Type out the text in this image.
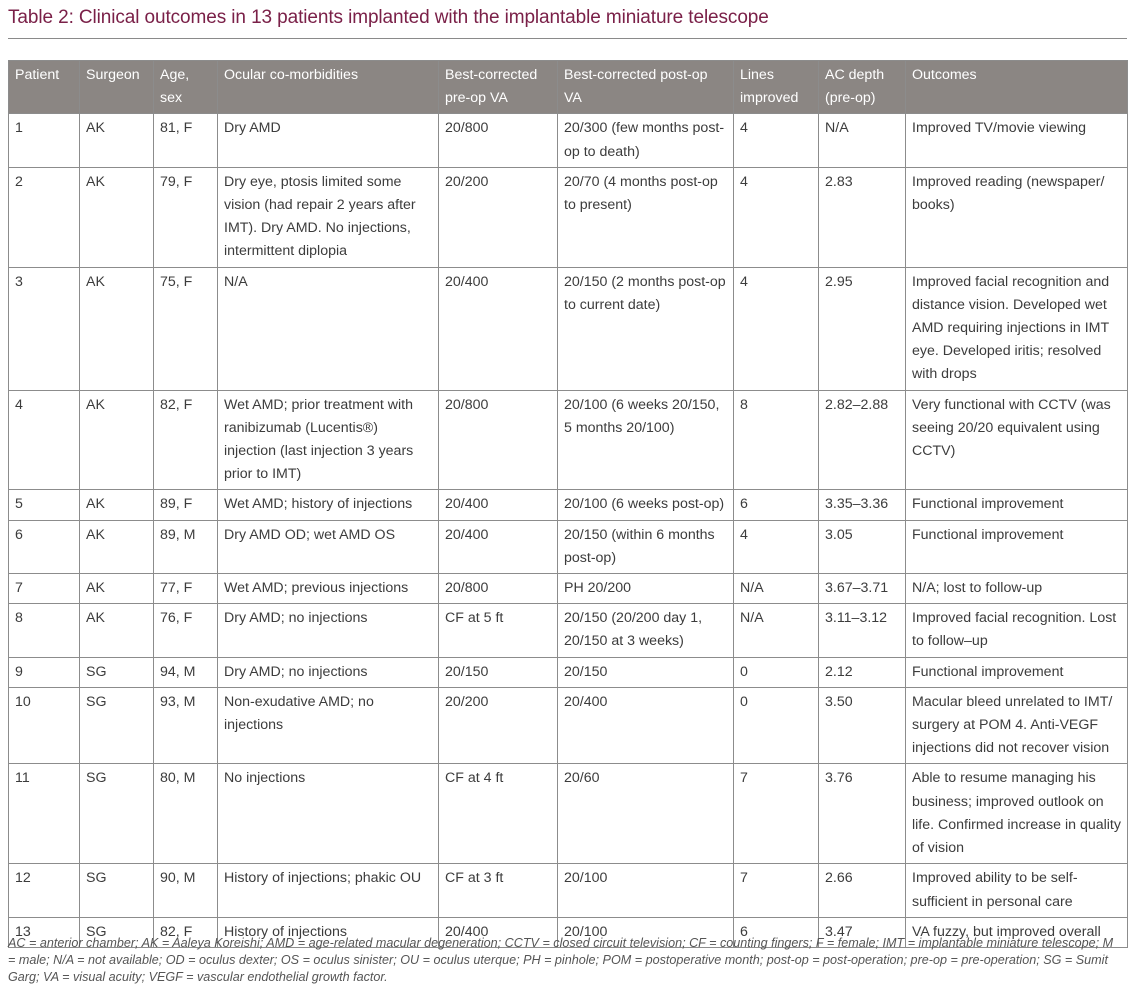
Table 2: Clinical outcomes in 13 patients implanted with the implantable miniature telescope
Patient	Surgeon	Age, sex	Ocular co-morbidities	Best-corrected pre-op VA	Best-corrected post-op VA	Lines improved	AC depth (pre-op)	Outcomes
1	AK	81, F	Dry AMD	20/800	20/300 (few months post-op to death)	4	N/A	Improved TV/movie viewing
2	AK	79, F	Dry eye, ptosis limited some vision (had repair 2 years after IMT). Dry AMD. No injections, intermittent diplopia	20/200	20/70 (4 months post-op to present)	4	2.83	Improved reading (newspaper/ books)
3	AK	75, F	N/A	20/400	20/150 (2 months post-op to current date)	4	2.95	Improved facial recognition and distance vision. Developed wet AMD requiring injections in IMT eye. Developed iritis; resolved with drops
4	AK	82, F	Wet AMD; prior treatment with ranibizumab (Lucentis®) injection (last injection 3 years prior to IMT)	20/800	20/100 (6 weeks 20/150, 5 months 20/100)	8	2.82–2.88	Very functional with CCTV (was seeing 20/20 equivalent using CCTV)
5	AK	89, F	Wet AMD; history of injections	20/400	20/100 (6 weeks post-op)	6	3.35–3.36	Functional improvement
6	AK	89, M	Dry AMD OD; wet AMD OS	20/400	20/150 (within 6 months post-op)	4	3.05	Functional improvement
7	AK	77, F	Wet AMD; previous injections	20/800	PH 20/200	N/A	3.67–3.71	N/A; lost to follow-up
8	AK	76, F	Dry AMD; no injections	CF at 5 ft	20/150 (20/200 day 1, 20/150 at 3 weeks)	N/A	3.11–3.12	Improved facial recognition. Lost to follow–up
9	SG	94, M	Dry AMD; no injections	20/150	20/150	0	2.12	Functional improvement
10	SG	93, M	Non-exudative AMD; no injections	20/200	20/400	0	3.50	Macular bleed unrelated to IMT/ surgery at POM 4. Anti-VEGF injections did not recover vision
11	SG	80, M	No injections	CF at 4 ft	20/60	7	3.76	Able to resume managing his business; improved outlook on life. Confirmed increase in quality of vision
12	SG	90, M	History of injections; phakic OU	CF at 3 ft	20/100	7	2.66	Improved ability to be self-sufficient in personal care
13	SG	82, F	History of injections	20/400	20/100	6	3.47	VA fuzzy, but improved overall
AC = anterior chamber; AK = Aaleya Koreishi; AMD = age-related macular degeneration; CCTV = closed circuit television; CF = counting fingers; F = female; IMT = implantable miniature telescope; M = male; N/A = not available; OD = oculus dexter; OS = oculus sinister; OU = oculus uterque; PH = pinhole; POM = postoperative month; post-op = post-operation; pre-op = pre-operation; SG = Sumit Garg; VA = visual acuity; VEGF = vascular endothelial growth factor.
